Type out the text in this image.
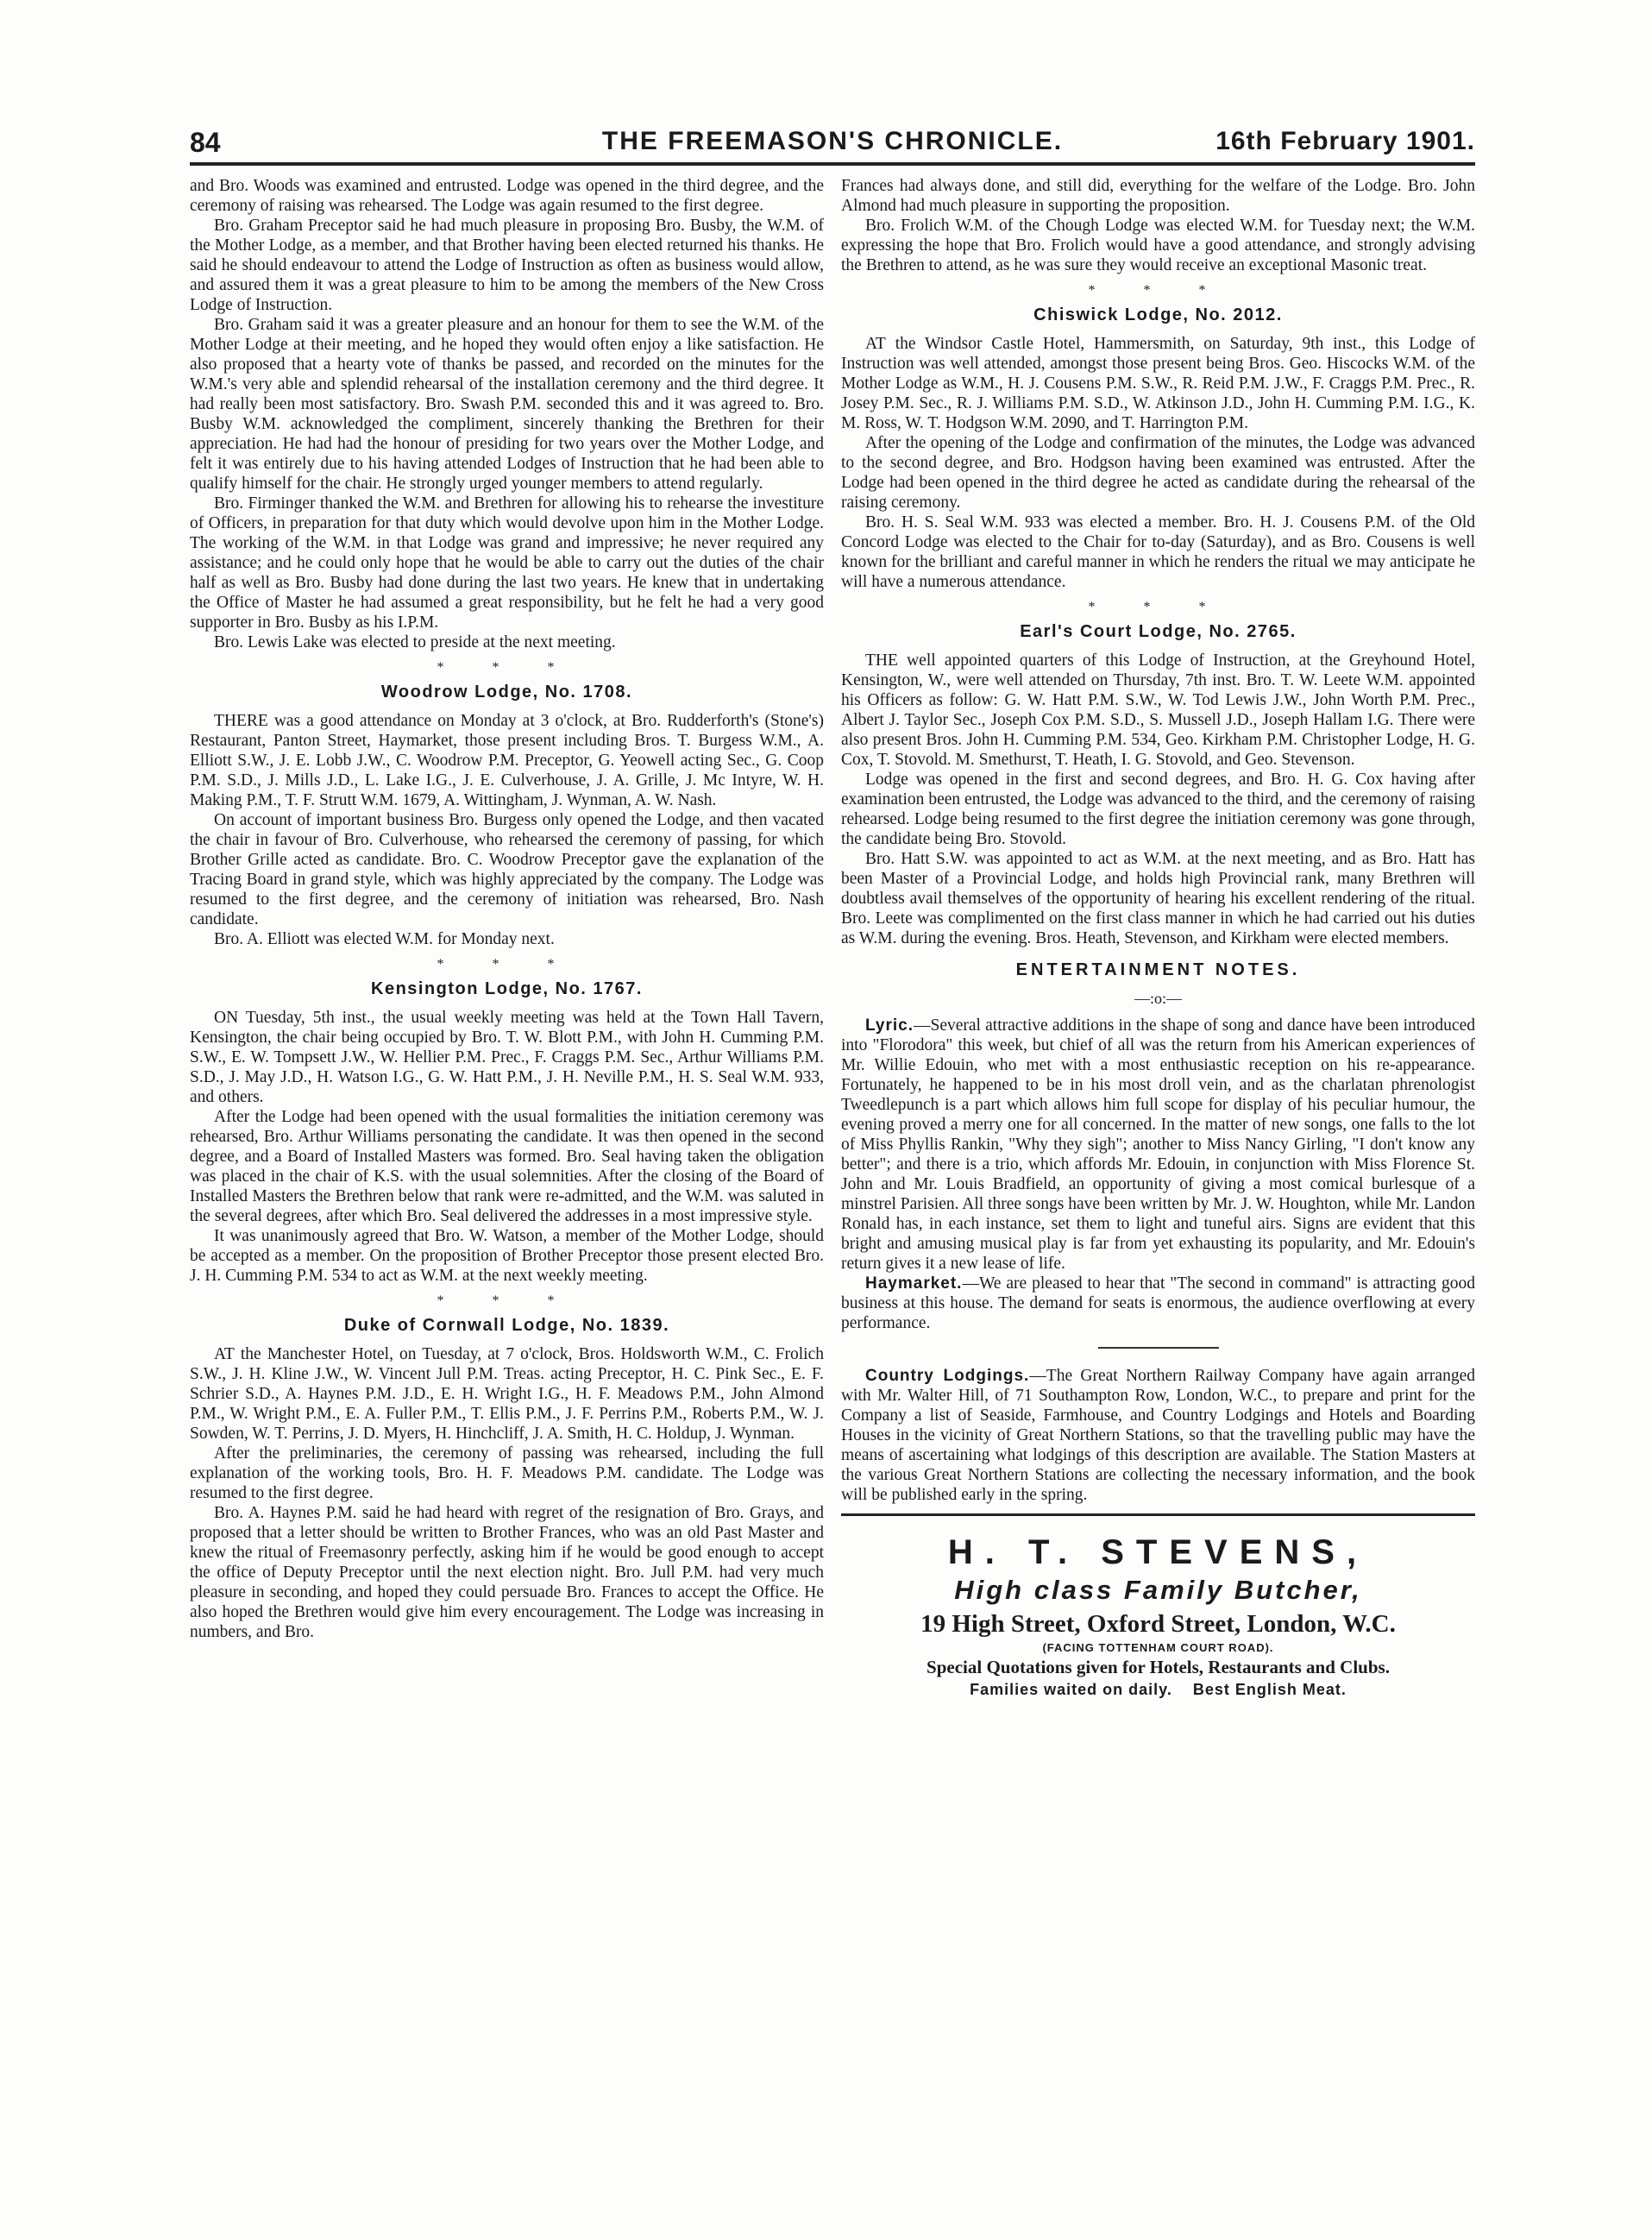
84	THE FREEMASON'S CHRONICLE.	16th February 1901.

and Bro. Woods was examined and entrusted. Lodge was opened in the third degree, and the ceremony of raising was rehearsed. The Lodge was again resumed to the first degree.

Bro. Graham Preceptor said he had much pleasure in proposing Bro. Busby, the W.M. of the Mother Lodge, as a member, and that Brother having been elected returned his thanks. He said he should endeavour to attend the Lodge of Instruction as often as business would allow, and assured them it was a great pleasure to him to be among the members of the New Cross Lodge of Instruction.

Bro. Graham said it was a greater pleasure and an honour for them to see the W.M. of the Mother Lodge at their meeting, and he hoped they would often enjoy a like satisfaction. He also proposed that a hearty vote of thanks be passed, and recorded on the minutes for the W.M.'s very able and splendid rehearsal of the installation ceremony and the third degree. It had really been most satisfactory. Bro. Swash P.M. seconded this and it was agreed to. Bro. Busby W.M. acknowledged the compliment, sincerely thanking the Brethren for their appreciation. He had had the honour of presiding for two years over the Mother Lodge, and felt it was entirely due to his having attended Lodges of Instruction that he had been able to qualify himself for the chair. He strongly urged younger members to attend regularly.

Bro. Firminger thanked the W.M. and Brethren for allowing his to rehearse the investiture of Officers, in preparation for that duty which would devolve upon him in the Mother Lodge. The working of the W.M. in that Lodge was grand and impressive; he never required any assistance; and he could only hope that he would be able to carry out the duties of the chair half as well as Bro. Busby had done during the last two years. He knew that in undertaking the Office of Master he had assumed a great responsibility, but he felt he had a very good supporter in Bro. Busby as his I.P.M.

Bro. Lewis Lake was elected to preside at the next meeting.

* * *
Woodrow Lodge, No. 1708.

THERE was a good attendance on Monday at 3 o'clock, at Bro. Rudderforth's (Stone's) Restaurant, Panton Street, Haymarket, those present including Bros. T. Burgess W.M., A. Elliott S.W., J. E. Lobb J.W., C. Woodrow P.M. Preceptor, G. Yeowell acting Sec., G. Coop P.M. S.D., J. Mills J.D., L. Lake I.G., J. E. Culverhouse, J. A. Grille, J. Mc Intyre, W. H. Making P.M., T. F. Strutt W.M. 1679, A. Wittingham, J. Wynman, A. W. Nash.

On account of important business Bro. Burgess only opened the Lodge, and then vacated the chair in favour of Bro. Culverhouse, who rehearsed the ceremony of passing, for which Brother Grille acted as candidate. Bro. C. Woodrow Preceptor gave the explanation of the Tracing Board in grand style, which was highly appreciated by the company. The Lodge was resumed to the first degree, and the ceremony of initiation was rehearsed, Bro. Nash candidate.

Bro. A. Elliott was elected W.M. for Monday next.

* * *
Kensington Lodge, No. 1767.

ON Tuesday, 5th inst., the usual weekly meeting was held at the Town Hall Tavern, Kensington, the chair being occupied by Bro. T. W. Blott P.M., with John H. Cumming P.M. S.W., E. W. Tompsett J.W., W. Hellier P.M. Prec., F. Craggs P.M. Sec., Arthur Williams P.M. S.D., J. May J.D., H. Watson I.G., G. W. Hatt P.M., J. H. Neville P.M., H. S. Seal W.M. 933, and others.

After the Lodge had been opened with the usual formalities the initiation ceremony was rehearsed, Bro. Arthur Williams personating the candidate. It was then opened in the second degree, and a Board of Installed Masters was formed. Bro. Seal having taken the obligation was placed in the chair of K.S. with the usual solemnities. After the closing of the Board of Installed Masters the Brethren below that rank were re-admitted, and the W.M. was saluted in the several degrees, after which Bro. Seal delivered the addresses in a most impressive style.

It was unanimously agreed that Bro. W. Watson, a member of the Mother Lodge, should be accepted as a member. On the proposition of Brother Preceptor those present elected Bro. J. H. Cumming P.M. 534 to act as W.M. at the next weekly meeting.

* * *
Duke of Cornwall Lodge, No. 1839.

AT the Manchester Hotel, on Tuesday, at 7 o'clock, Bros. Holdsworth W.M., C. Frolich S.W., J. H. Kline J.W., W. Vincent Jull P.M. Treas. acting Preceptor, H. C. Pink Sec., E. F. Schrier S.D., A. Haynes P.M. J.D., E. H. Wright I.G., H. F. Meadows P.M., John Almond P.M., W. Wright P.M., E. A. Fuller P.M., T. Ellis P.M., J. F. Perrins P.M., Roberts P.M., W. J. Sowden, W. T. Perrins, J. D. Myers, H. Hinchcliff, J. A. Smith, H. C. Holdup, J. Wynman.

After the preliminaries, the ceremony of passing was rehearsed, including the full explanation of the working tools, Bro. H. F. Meadows P.M. candidate. The Lodge was resumed to the first degree.

Bro. A. Haynes P.M. said he had heard with regret of the resignation of Bro. Grays, and proposed that a letter should be written to Brother Frances, who was an old Past Master and knew the ritual of Freemasonry perfectly, asking him if he would be good enough to accept the office of Deputy Preceptor until the next election night. Bro. Jull P.M. had very much pleasure in seconding, and hoped they could persuade Bro. Frances to accept the Office. He also hoped the Brethren would give him every encouragement. The Lodge was increasing in numbers, and Bro.

Frances had always done, and still did, everything for the welfare of the Lodge. Bro. John Almond had much pleasure in supporting the proposition.

Bro. Frolich W.M. of the Chough Lodge was elected W.M. for Tuesday next; the W.M. expressing the hope that Bro. Frolich would have a good attendance, and strongly advising the Brethren to attend, as he was sure they would receive an exceptional Masonic treat.

* * *
Chiswick Lodge, No. 2012.

AT the Windsor Castle Hotel, Hammersmith, on Saturday, 9th inst., this Lodge of Instruction was well attended, amongst those present being Bros. Geo. Hiscocks W.M. of the Mother Lodge as W.M., H. J. Cousens P.M. S.W., R. Reid P.M. J.W., F. Craggs P.M. Prec., R. Josey P.M. Sec., R. J. Williams P.M. S.D., W. Atkinson J.D., John H. Cumming P.M. I.G., K. M. Ross, W. T. Hodgson W.M. 2090, and T. Harrington P.M.

After the opening of the Lodge and confirmation of the minutes, the Lodge was advanced to the second degree, and Bro. Hodgson having been examined was entrusted. After the Lodge had been opened in the third degree he acted as candidate during the rehearsal of the raising ceremony.

Bro. H. S. Seal W.M. 933 was elected a member. Bro. H. J. Cousens P.M. of the Old Concord Lodge was elected to the Chair for to-day (Saturday), and as Bro. Cousens is well known for the brilliant and careful manner in which he renders the ritual we may anticipate he will have a numerous attendance.

* * *
Earl's Court Lodge, No. 2765.

THE well appointed quarters of this Lodge of Instruction, at the Greyhound Hotel, Kensington, W., were well attended on Thursday, 7th inst. Bro. T. W. Leete W.M. appointed his Officers as follow: G. W. Hatt P.M. S.W., W. Tod Lewis J.W., John Worth P.M. Prec., Albert J. Taylor Sec., Joseph Cox P.M. S.D., S. Mussell J.D., Joseph Hallam I.G. There were also present Bros. John H. Cumming P.M. 534, Geo. Kirkham P.M. Christopher Lodge, H. G. Cox, T. Stovold. M. Smethurst, T. Heath, I. G. Stovold, and Geo. Stevenson.

Lodge was opened in the first and second degrees, and Bro. H. G. Cox having after examination been entrusted, the Lodge was advanced to the third, and the ceremony of raising rehearsed. Lodge being resumed to the first degree the initiation ceremony was gone through, the candidate being Bro. Stovold.

Bro. Hatt S.W. was appointed to act as W.M. at the next meeting, and as Bro. Hatt has been Master of a Provincial Lodge, and holds high Provincial rank, many Brethren will doubtless avail themselves of the opportunity of hearing his excellent rendering of the ritual. Bro. Leete was complimented on the first class manner in which he had carried out his duties as W.M. during the evening. Bros. Heath, Stevenson, and Kirkham were elected members.

ENTERTAINMENT NOTES.
—:o:—

Lyric.—Several attractive additions in the shape of song and dance have been introduced into "Florodora" this week, but chief of all was the return from his American experiences of Mr. Willie Edouin, who met with a most enthusiastic reception on his re-appearance. Fortunately, he happened to be in his most droll vein, and as the charlatan phrenologist Tweedlepunch is a part which allows him full scope for display of his peculiar humour, the evening proved a merry one for all concerned. In the matter of new songs, one falls to the lot of Miss Phyllis Rankin, "Why they sigh"; another to Miss Nancy Girling, "I don't know any better"; and there is a trio, which affords Mr. Edouin, in conjunction with Miss Florence St. John and Mr. Louis Bradfield, an opportunity of giving a most comical burlesque of a minstrel Parisien. All three songs have been written by Mr. J. W. Houghton, while Mr. Landon Ronald has, in each instance, set them to light and tuneful airs. Signs are evident that this bright and amusing musical play is far from yet exhausting its popularity, and Mr. Edouin's return gives it a new lease of life.

Haymarket.—We are pleased to hear that "The second in command" is attracting good business at this house. The demand for seats is enormous, the audience overflowing at every performance.

Country Lodgings.—The Great Northern Railway Company have again arranged with Mr. Walter Hill, of 71 Southampton Row, London, W.C., to prepare and print for the Company a list of Seaside, Farmhouse, and Country Lodgings and Hotels and Boarding Houses in the vicinity of Great Northern Stations, so that the travelling public may have the means of ascertaining what lodgings of this description are available. The Station Masters at the various Great Northern Stations are collecting the necessary information, and the book will be published early in the spring.

H. T. STEVENS,
High class Family Butcher,
19 High Street, Oxford Street, London, W.C.
(FACING TOTTENHAM COURT ROAD).
Special Quotations given for Hotels, Restaurants and Clubs.
Families waited on daily. Best English Meat.
